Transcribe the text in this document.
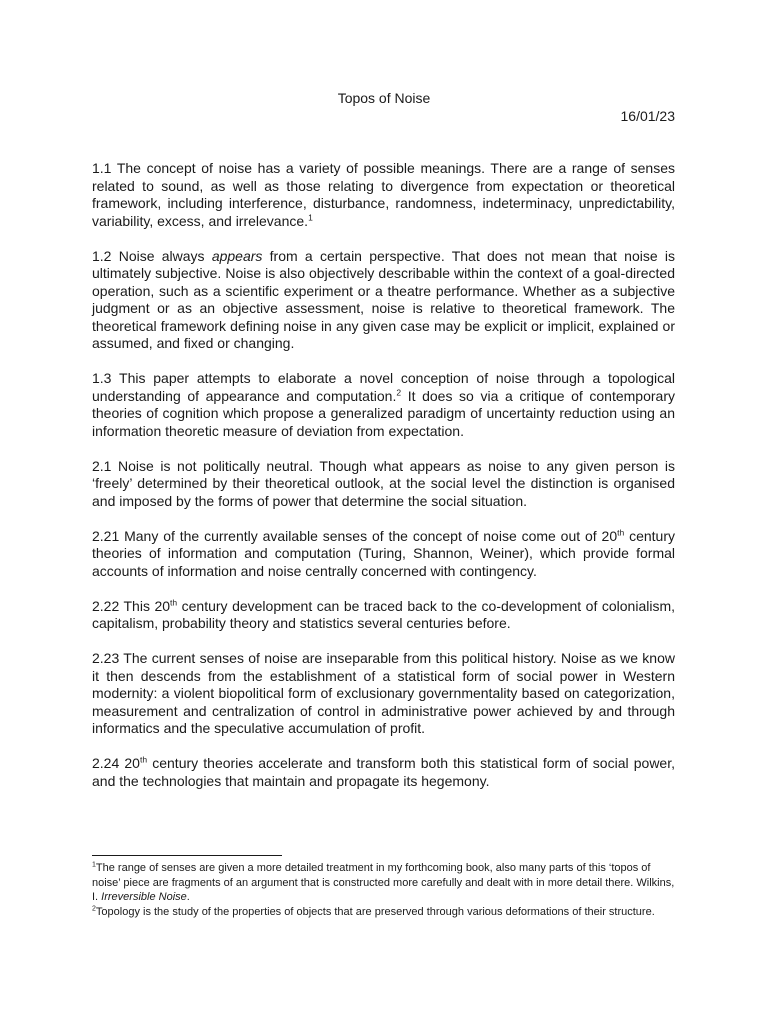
Topos of Noise
16/01/23

1.1 The concept of noise has a variety of possible meanings. There are a range of senses related to sound, as well as those relating to divergence from expectation or theoretical framework, including interference, disturbance, randomness, indeterminacy, unpredictability, variability, excess, and irrelevance.$^1$

1.2 Noise always appears from a certain perspective. That does not mean that noise is ultimately subjective. Noise is also objectively describable within the context of a goal-directed operation, such as a scientific experiment or a theatre performance. Whether as a subjective judgment or as an objective assessment, noise is relative to theoretical framework. The theoretical framework defining noise in any given case may be explicit or implicit, explained or assumed, and fixed or changing.

1.3 This paper attempts to elaborate a novel conception of noise through a topological understanding of appearance and computation.$^2$ It does so via a critique of contemporary theories of cognition which propose a generalized paradigm of uncertainty reduction using an information theoretic measure of deviation from expectation.

2.1 Noise is not politically neutral. Though what appears as noise to any given person is ‘freely’ determined by their theoretical outlook, at the social level the distinction is organised and imposed by the forms of power that determine the social situation.

2.21 Many of the currently available senses of the concept of noise come out of 20th century theories of information and computation (Turing, Shannon, Weiner), which provide formal accounts of information and noise centrally concerned with contingency.

2.22 This 20th century development can be traced back to the co-development of colonialism, capitalism, probability theory and statistics several centuries before.

2.23 The current senses of noise are inseparable from this political history. Noise as we know it then descends from the establishment of a statistical form of social power in Western modernity: a violent biopolitical form of exclusionary governmentality based on categorization, measurement and centralization of control in administrative power achieved by and through informatics and the speculative accumulation of profit.

2.24 20th century theories accelerate and transform both this statistical form of social power, and the technologies that maintain and propagate its hegemony.

$^1$The range of senses are given a more detailed treatment in my forthcoming book, also many parts of this ‘topos of noise’ piece are fragments of an argument that is constructed more carefully and dealt with in more detail there. Wilkins, I. Irreversible Noise.

$^2$Topology is the study of the properties of objects that are preserved through various deformations of their structure.
